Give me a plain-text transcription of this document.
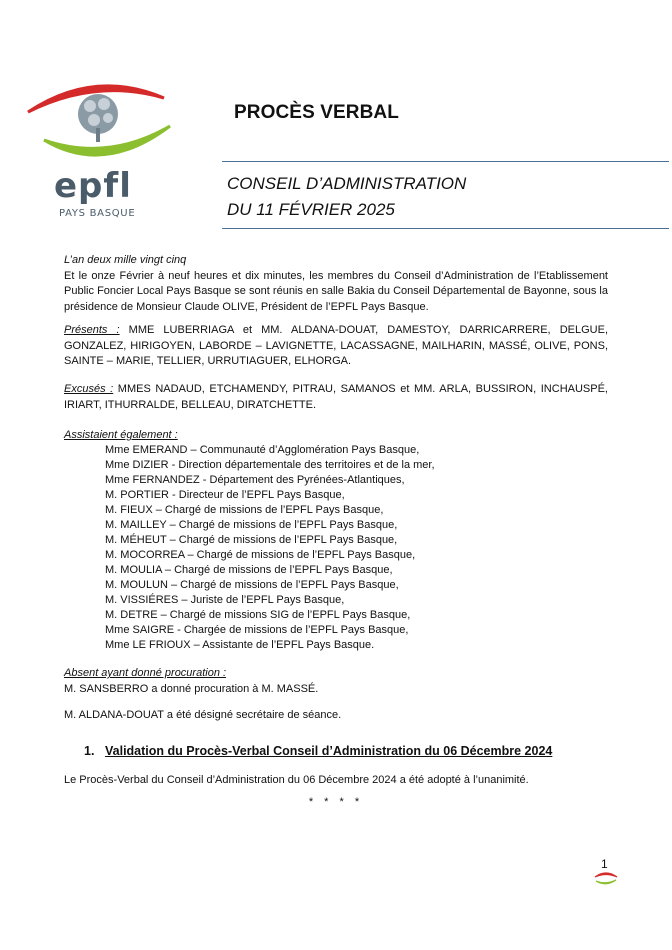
epfl
PAYS BASQUE
PROCÈS VERBAL
CONSEIL D’ADMINISTRATION
DU 11 FÉVRIER 2025

L’an deux mille vingt cinq

Et le onze Février à neuf heures et dix minutes, les membres du Conseil d’Administration de l’Etablissement Public Foncier Local Pays Basque se sont réunis en salle Bakia du Conseil Départemental de Bayonne, sous la présidence de Monsieur Claude OLIVE, Président de l’EPFL Pays Basque.

Présents : MME LUBERRIAGA et MM. ALDANA-DOUAT, DAMESTOY, DARRICARRERE, DELGUE, GONZALEZ, HIRIGOYEN, LABORDE – LAVIGNETTE, LACASSAGNE, MAILHARIN, MASSÉ, OLIVE, PONS, SAINTE – MARIE, TELLIER, URRUTIAGUER, ELHORGA.
Excusés : MMES NADAUD, ETCHAMENDY, PITRAU, SAMANOS et MM. ARLA, BUSSIRON, INCHAUSPÉ, IRIART, ITHURRALDE, BELLEAU, DIRATCHETTE.
Assistaient également :
Mme EMERAND – Communauté d’Agglomération Pays Basque,
Mme DIZIER - Direction départementale des territoires et de la mer,
Mme FERNANDEZ - Département des Pyrénées-Atlantiques,
M. PORTIER - Directeur de l’EPFL Pays Basque,
M. FIEUX – Chargé de missions de l’EPFL Pays Basque,
M. MAILLEY – Chargé de missions de l’EPFL Pays Basque,
M. MÉHEUT – Chargé de missions de l’EPFL Pays Basque,
M. MOCORREA – Chargé de missions de l’EPFL Pays Basque,
M. MOULIA – Chargé de missions de l’EPFL Pays Basque,
M. MOULUN – Chargé de missions de l’EPFL Pays Basque,
M. VISSIÉRES – Juriste de l’EPFL Pays Basque,
M. DETRE – Chargé de missions SIG de l’EPFL Pays Basque,
Mme SAIGRE - Chargée de missions de l’EPFL Pays Basque,
Mme LE FRIOUX – Assistante de l’EPFL Pays Basque.

Absent ayant donné procuration :

M. SANSBERRO a donné procuration à M. MASSÉ.

M. ALDANA-DOUAT a été désigné secrétaire de séance.
1. Validation du Procès-Verbal Conseil d’Administration du 06 Décembre 2024
Le Procès-Verbal du Conseil d’Administration du 06 Décembre 2024 a été adopté à l’unanimité.
* * * *
1
